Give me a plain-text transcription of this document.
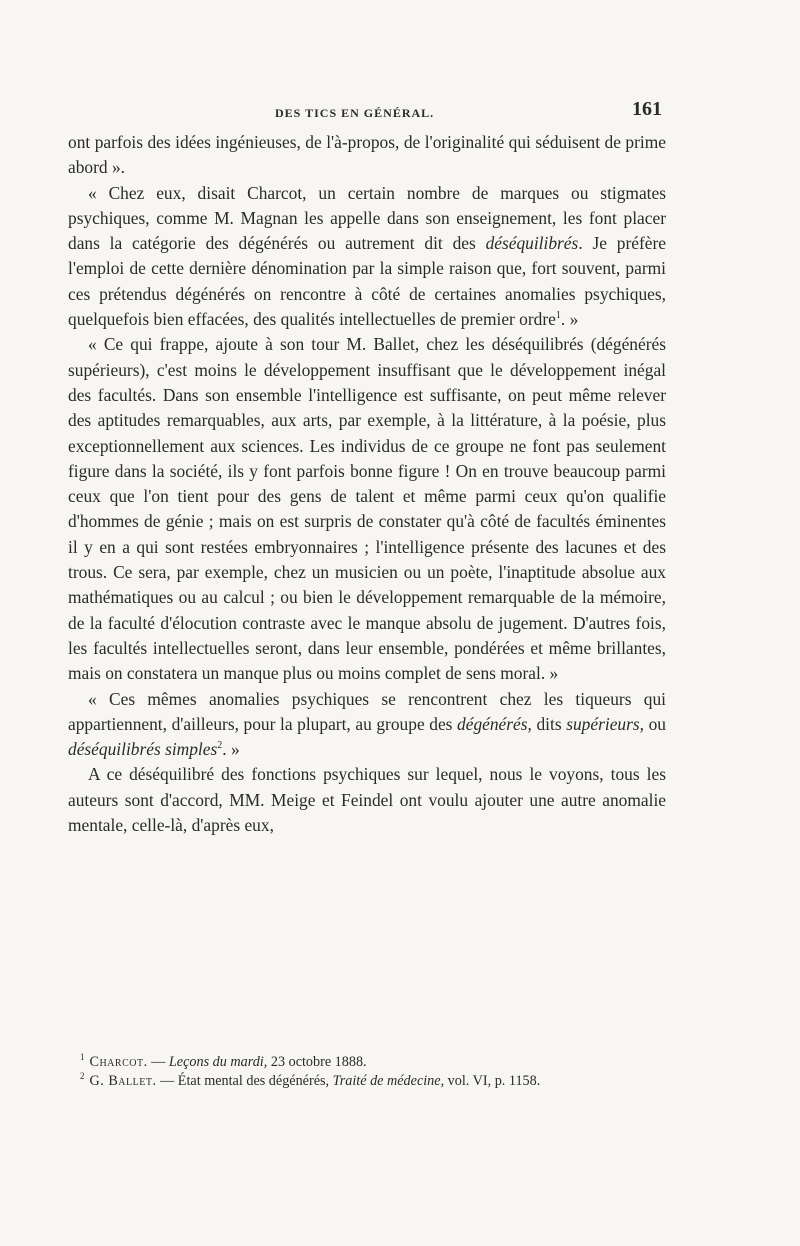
DES TICS EN GÉNÉRAL.	161

ont parfois des idées ingénieuses, de l'à-propos, de l'originalité qui séduisent de prime abord ».

« Chez eux, disait Charcot, un certain nombre de marques ou stigmates psychiques, comme M. Magnan les appelle dans son enseignement, les font placer dans la catégorie des dégénérés ou autrement dit des déséquilibrés. Je préfère l'emploi de cette dernière dénomination par la simple raison que, fort souvent, parmi ces prétendus dégénérés on rencontre à côté de certaines anomalies psychiques, quelquefois bien effacées, des qualités intellectuelles de premier ordre$^1$. »

« Ce qui frappe, ajoute à son tour M. Ballet, chez les déséquilibrés (dégénérés supérieurs), c'est moins le développement insuffisant que le développement inégal des facultés. Dans son ensemble l'intelligence est suffisante, on peut même relever des aptitudes remarquables, aux arts, par exemple, à la littérature, à la poésie, plus exceptionnellement aux sciences. Les individus de ce groupe ne font pas seulement figure dans la société, ils y font parfois bonne figure ! On en trouve beaucoup parmi ceux que l'on tient pour des gens de talent et même parmi ceux qu'on qualifie d'hommes de génie ; mais on est surpris de constater qu'à côté de facultés éminentes il y en a qui sont restées embryonnaires ; l'intelligence présente des lacunes et des trous. Ce sera, par exemple, chez un musicien ou un poète, l'inaptitude absolue aux mathématiques ou au calcul ; ou bien le développement remarquable de la mémoire, de la faculté d'élocution contraste avec le manque absolu de jugement. D'autres fois, les facultés intellectuelles seront, dans leur ensemble, pondérées et même brillantes, mais on constatera un manque plus ou moins complet de sens moral. »

« Ces mêmes anomalies psychiques se rencontrent chez les tiqueurs qui appartiennent, d'ailleurs, pour la plupart, au groupe des dégénérés, dits supérieurs, ou déséquilibrés simples$^2$. »

A ce déséquilibré des fonctions psychiques sur lequel, nous le voyons, tous les auteurs sont d'accord, MM. Meige et Feindel ont voulu ajouter une autre anomalie mentale, celle-là, d'après eux,

$^1$ Charcot. — Leçons du mardi, 23 octobre 1888.

$^2$ G. Ballet. — État mental des dégénérés, Traité de médecine, vol. VI, p. 1158.
